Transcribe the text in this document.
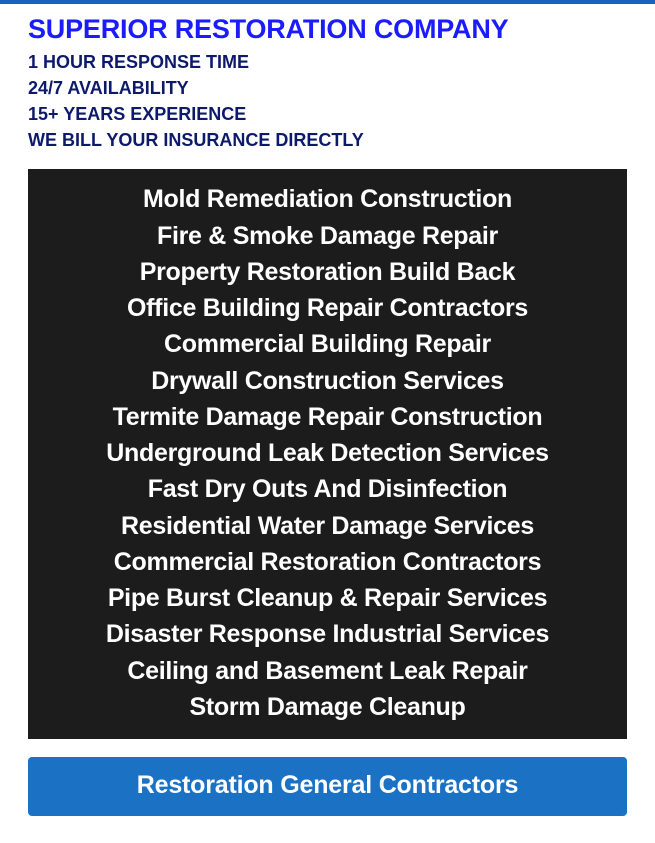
SUPERIOR RESTORATION COMPANY
1 HOUR RESPONSE TIME
24/7 AVAILABILITY
15+ YEARS EXPERIENCE
WE BILL YOUR INSURANCE DIRECTLY
Mold Remediation Construction
Fire & Smoke Damage Repair
Property Restoration Build Back
Office Building Repair Contractors
Commercial Building Repair
Drywall Construction Services
Termite Damage Repair Construction
Underground Leak Detection Services
Fast Dry Outs And Disinfection
Residential Water Damage Services
Commercial Restoration Contractors
Pipe Burst Cleanup & Repair Services
Disaster Response Industrial Services
Ceiling and Basement Leak Repair
Storm Damage Cleanup
Restoration General Contractors
